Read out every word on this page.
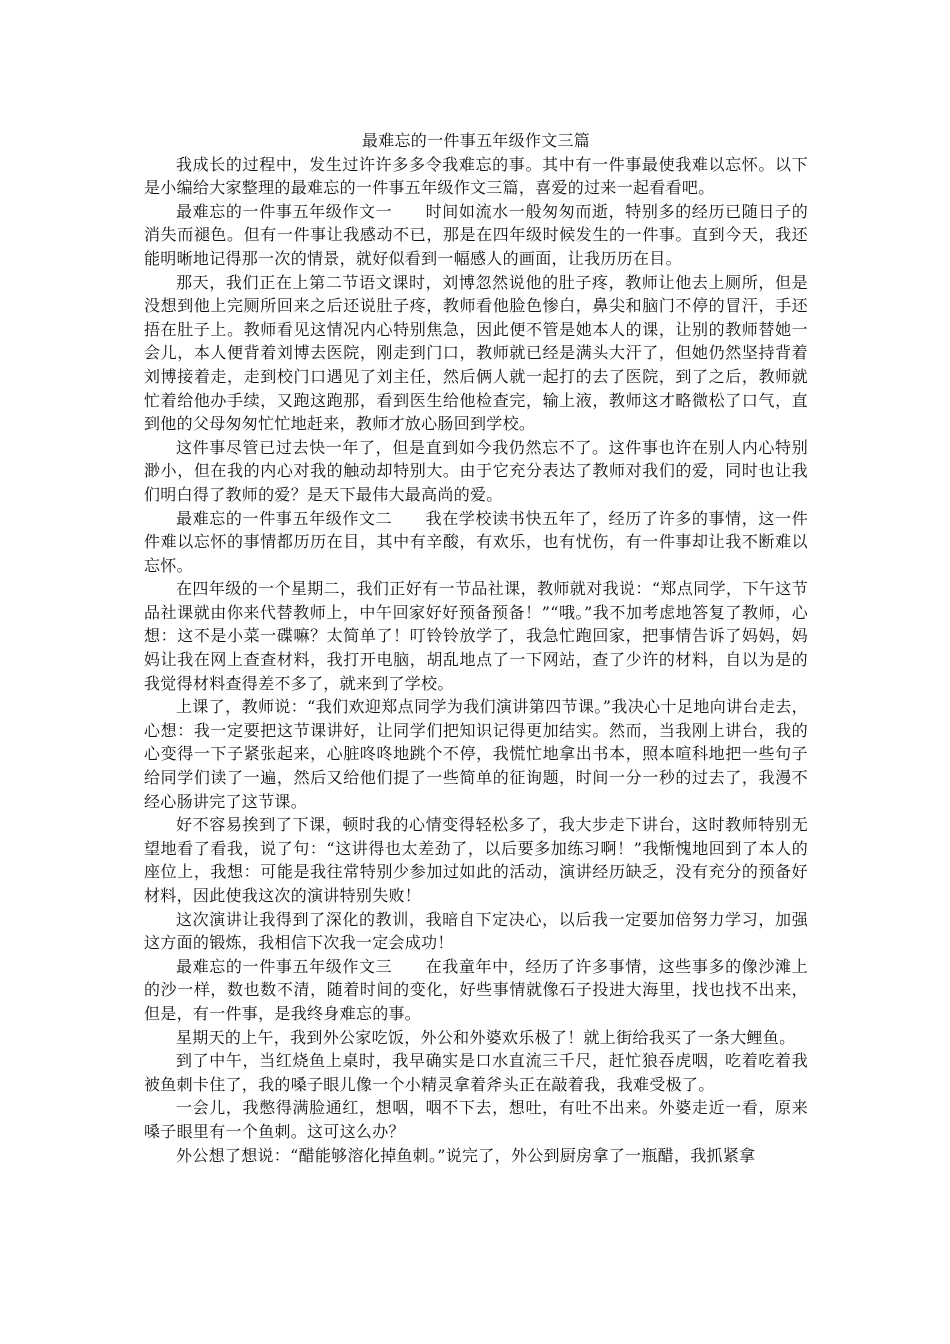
最难忘的一件事五年级作文三篇

我成长的过程中，发生过许许多多令我难忘的事。其中有一件事最使我难以忘怀。以下是小编给大家整理的最难忘的一件事五年级作文三篇，喜爱的过来一起看看吧。

最难忘的一件事五年级作文一　　时间如流水一般匆匆而逝，特别多的经历已随日子的消失而褪色。但有一件事让我感动不已，那是在四年级时候发生的一件事。直到今天，我还能明晰地记得那一次的情景，就好似看到一幅感人的画面，让我历历在目。

那天，我们正在上第二节语文课时，刘博忽然说他的肚子疼，教师让他去上厕所，但是没想到他上完厕所回来之后还说肚子疼，教师看他脸色惨白，鼻尖和脑门不停的冒汗，手还捂在肚子上。教师看见这情况内心特别焦急，因此便不管是她本人的课，让别的教师替她一会儿，本人便背着刘博去医院，刚走到门口，教师就已经是满头大汗了，但她仍然坚持背着刘博接着走，走到校门口遇见了刘主任，然后俩人就一起打的去了医院，到了之后，教师就忙着给他办手续，又跑这跑那，看到医生给他检查完，输上液，教师这才略微松了口气，直到他的父母匆匆忙忙地赶来，教师才放心肠回到学校。

这件事尽管已过去快一年了，但是直到如今我仍然忘不了。这件事也许在别人内心特别渺小，但在我的内心对我的触动却特别大。由于它充分表达了教师对我们的爱，同时也让我们明白得了教师的爱？是天下最伟大最高尚的爱。

最难忘的一件事五年级作文二　　我在学校读书快五年了，经历了许多的事情，这一件件难以忘怀的事情都历历在目，其中有辛酸，有欢乐，也有忧伤，有一件事却让我不断难以忘怀。

在四年级的一个星期二，我们正好有一节品社课，教师就对我说：“郑点同学，下午这节品社课就由你来代替教师上，中午回家好好预备预备！”“哦。”我不加考虑地答复了教师，心想：这不是小菜一碟嘛？太简单了！叮铃铃放学了，我急忙跑回家，把事情告诉了妈妈，妈妈让我在网上查查材料，我打开电脑，胡乱地点了一下网站，查了少许的材料，自以为是的我觉得材料查得差不多了，就来到了学校。

上课了，教师说：“我们欢迎郑点同学为我们演讲第四节课。”我决心十足地向讲台走去，心想：我一定要把这节课讲好，让同学们把知识记得更加结实。然而，当我刚上讲台，我的心变得一下子紧张起来，心脏咚咚地跳个不停，我慌忙地拿出书本，照本喧科地把一些句子给同学们读了一遍，然后又给他们提了一些简单的征询题，时间一分一秒的过去了，我漫不经心肠讲完了这节课。

好不容易挨到了下课，顿时我的心情变得轻松多了，我大步走下讲台，这时教师特别无望地看了看我，说了句：“这讲得也太差劲了，以后要多加练习啊！”我惭愧地回到了本人的座位上，我想：可能是我往常特别少参加过如此的活动，演讲经历缺乏，没有充分的预备好材料，因此使我这次的演讲特别失败！

这次演讲让我得到了深化的教训，我暗自下定决心，以后我一定要加倍努力学习，加强这方面的锻炼，我相信下次我一定会成功！

最难忘的一件事五年级作文三　　在我童年中，经历了许多事情，这些事多的像沙滩上的沙一样，数也数不清，随着时间的变化，好些事情就像石子投进大海里，找也找不出来，但是，有一件事，是我终身难忘的事。

星期天的上午，我到外公家吃饭，外公和外婆欢乐极了！就上街给我买了一条大鲤鱼。

到了中午，当红烧鱼上桌时，我早确实是口水直流三千尺，赶忙狼吞虎咽，吃着吃着我被鱼刺卡住了，我的嗓子眼儿像一个小精灵拿着斧头正在敲着我，我难受极了。

一会儿，我憋得满脸通红，想咽，咽不下去，想吐，有吐不出来。外婆走近一看，原来嗓子眼里有一个鱼刺。这可这么办？

外公想了想说：“醋能够溶化掉鱼刺。”说完了，外公到厨房拿了一瓶醋，我抓紧拿
